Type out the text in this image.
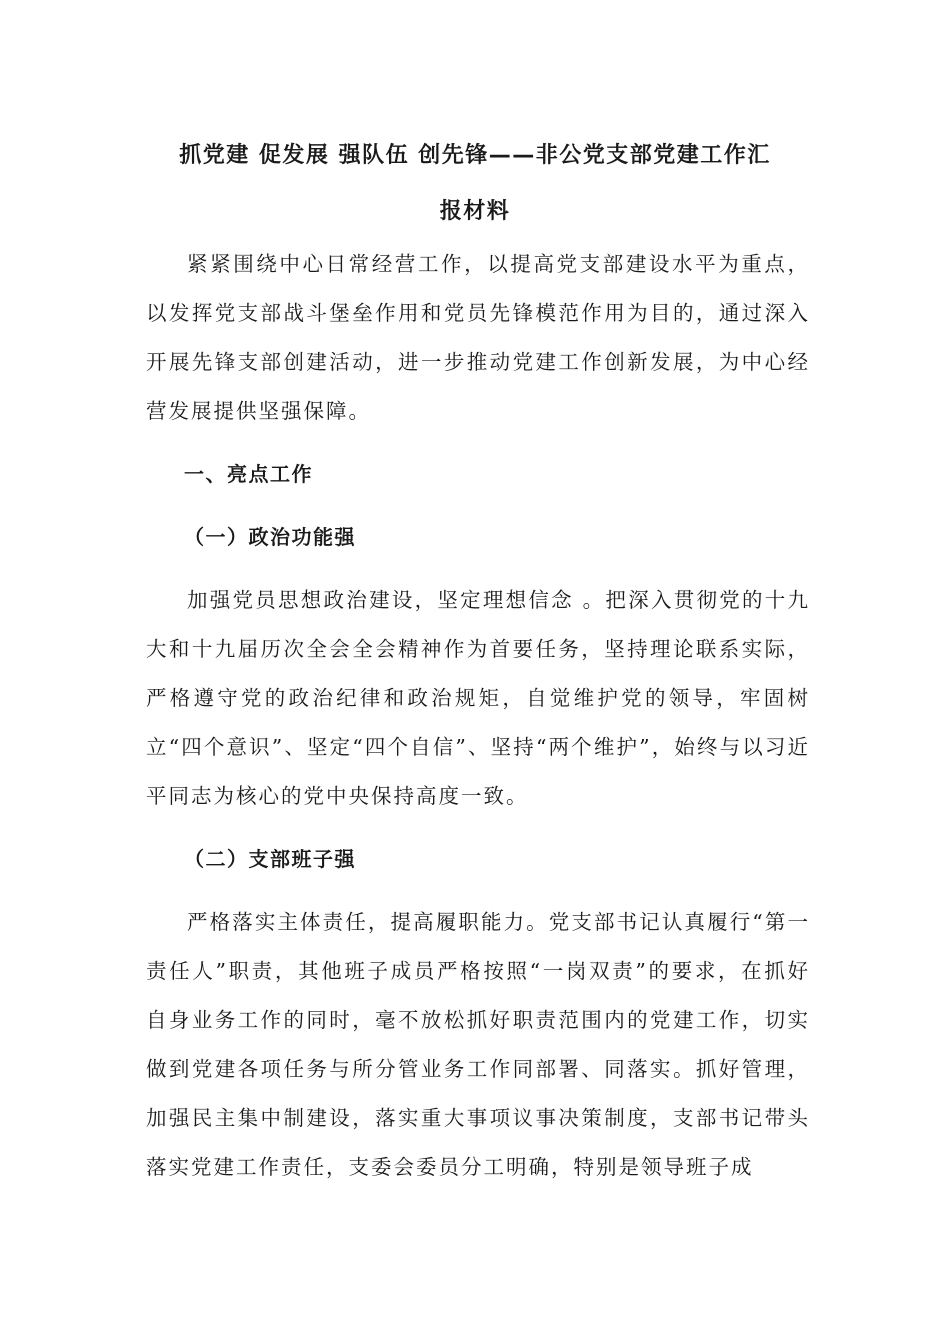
抓党建 促发展 强队伍 创先锋——非公党支部党建工作汇

报材料

紧紧围绕中心日常经营工作，以提高党支部建设水平为重点，以发挥党支部战斗堡垒作用和党员先锋模范作用为目的，通过深入开展先锋支部创建活动，进一步推动党建工作创新发展，为中心经营发展提供坚强保障。

一、亮点工作

（一）政治功能强

加强党员思想政治建设，坚定理想信念 。把深入贯彻党的十九大和十九届历次全会全会精神作为首要任务，坚持理论联系实际，严格遵守党的政治纪律和政治规矩，自觉维护党的领导，牢固树立“四个意识”、坚定“四个自信”、坚持“两个维护”，始终与以习近平同志为核心的党中央保持高度一致。

（二）支部班子强

严格落实主体责任，提高履职能力。党支部书记认真履行“第一责任人”职责，其他班子成员严格按照“一岗双责”的要求，在抓好自身业务工作的同时，毫不放松抓好职责范围内的党建工作，切实做到党建各项任务与所分管业务工作同部署、同落实。抓好管理，加强民主集中制建设，落实重大事项议事决策制度，支部书记带头落实党建工作责任，支委会委员分工明确，特别是领导班子成
